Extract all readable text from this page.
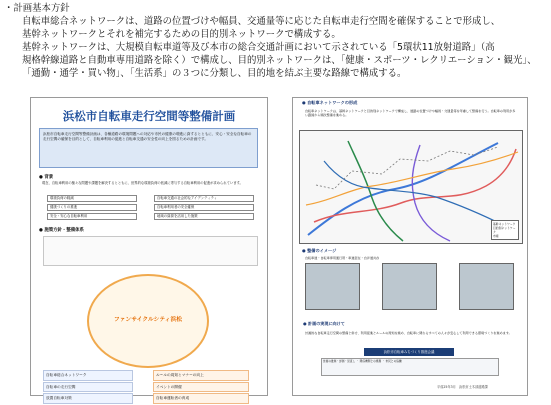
・計画基本方針

自転車総合ネットワークは、道路の位置づけや幅員、交通量等に応じた自転車走行空間を確保することで形成し、

基幹ネットワークとそれを補完するための目的別ネットワークで構成する。

基幹ネットワークは、大規模自転車道等及び本市の総合交通計画において示されている「5環状11放射道路」（高

規格幹線道路と自動車専用道路を除く）で構成し、目的別ネットワークは、「健康・スポーツ・レクリエーション・観光」、

「通勤・通学・買い物」、「生活系」の３つに分類し、目的地を結ぶ主要な路線で構成する。

浜松市自転車走行空間等整備計画
浜松市自転車走行空間等整備計画は、各種道路の環境問題への対応や市民の健康の増進に資するとともに、安心・安全な自転車の走行空間の確保を目的として、自転車利用の促進と自転車交通の安全性の向上を図るための計画です。
● 背景
現在、自転車利用の様々な問題や課題を解決するとともに、世界的な環境負荷の低減に寄与する自転車利用の促進が求められています。
環境負荷の軽減
健康づくりの推進
安全・安心な自転車利用
自転車交通の社会的なアイデンティティ
自転車利用者の安全確保
地域の資源を活用した施策
● 施策方針・整備体系
ファンサイクルシティ浜松
自転車総合ネットワーク
自転車の走行空間
放置自転車対策
ルールの周知とマナーの向上
イベントの開催
自転車運転者の育成
● 自転車ネットワークの形成
自転車ネットワークは、基幹ネットワークと目的別ネットワークで構成し、道路の位置づけや幅員・交通量等を考慮して整備を行う。自転車の利用が多い路線から順次整備を進める。
基幹ネットワーク
目的別ネットワーク
市境
● 整備のイメージ
自転車道・自転車専用通行帯・車道混在・自歩道共存
● 計画の実現に向けて
計画的な自転車走行空間の整備と併せ、利用促進とルールの周知を進め、自転車に関わるすべての人々が安心して利用できる環境づくりを進めます。
浜松市自転車みちづくり推進会議
計画の推進・評価・見直し ・ 関係機関との連携 ・ 市民との協働
平成25年3月　浜松市土木部道路課
